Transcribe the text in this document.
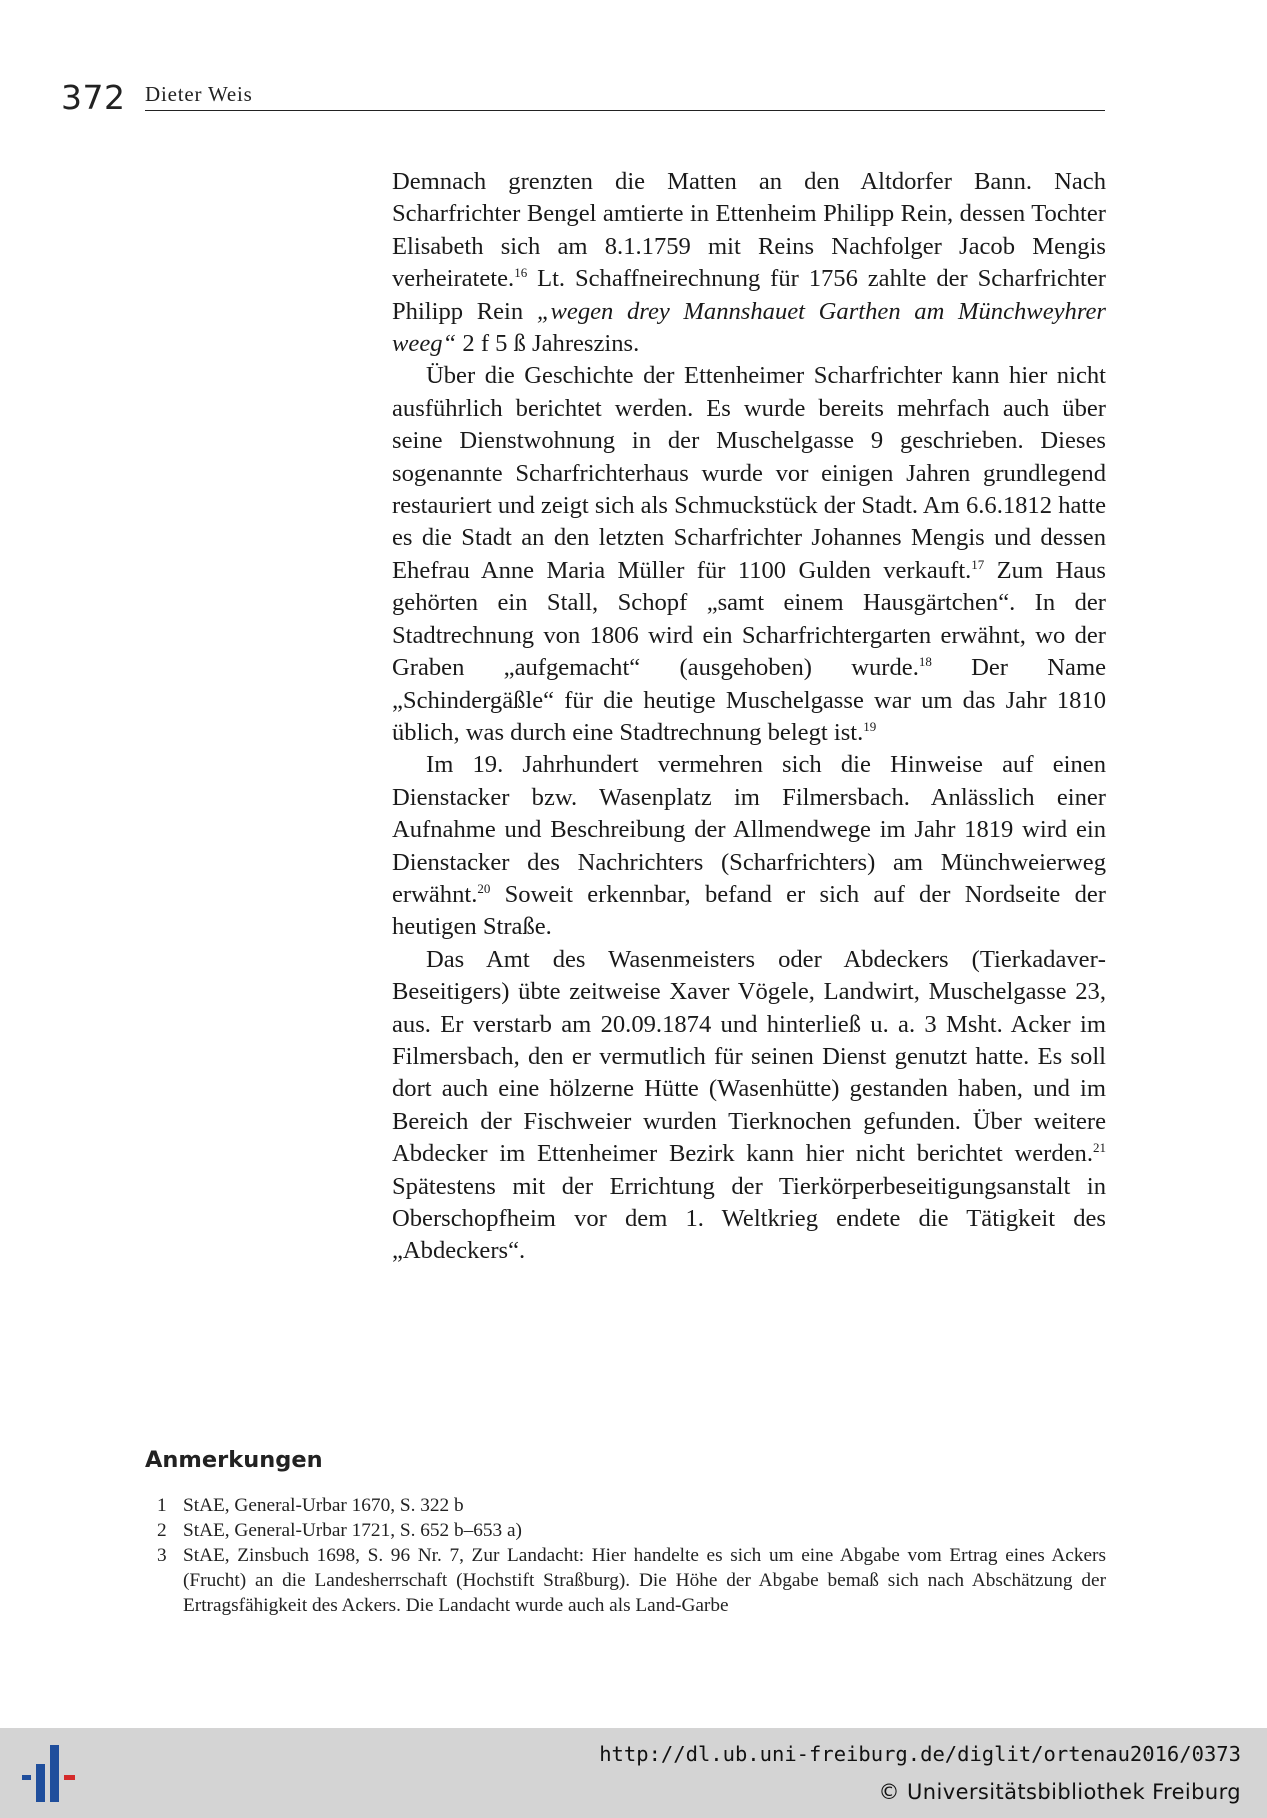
372 Dieter Weis

Demnach grenzten die Matten an den Altdorfer Bann. Nach Scharfrichter Bengel amtierte in Ettenheim Philipp Rein, dessen Tochter Elisabeth sich am 8.1.1759 mit Reins Nachfolger Jacob Mengis verheiratete.$^{16}$ Lt. Schaffneirechnung für 1756 zahlte der Scharfrichter Philipp Rein „wegen drey Mannshauet Garthen am Münchweyhrer weeg“ 2 f 5 ß Jahreszins.

Über die Geschichte der Ettenheimer Scharfrichter kann hier nicht ausführlich berichtet werden. Es wurde bereits mehrfach auch über seine Dienstwohnung in der Muschelgasse 9 geschrieben. Dieses sogenannte Scharfrichterhaus wurde vor einigen Jahren grundlegend restauriert und zeigt sich als Schmuckstück der Stadt. Am 6.6.1812 hatte es die Stadt an den letzten Scharfrichter Johannes Mengis und dessen Ehefrau Anne Maria Müller für 1100 Gulden verkauft.$^{17}$ Zum Haus gehörten ein Stall, Schopf „samt einem Hausgärtchen“. In der Stadtrechnung von 1806 wird ein Scharfrichtergarten erwähnt, wo der Graben „aufgemacht“ (ausgehoben) wurde.$^{18}$ Der Name „Schindergäßle“ für die heutige Muschelgasse war um das Jahr 1810 üblich, was durch eine Stadtrechnung belegt ist.$^{19}$

Im 19. Jahrhundert vermehren sich die Hinweise auf einen Dienstacker bzw. Wasenplatz im Filmersbach. Anlässlich einer Aufnahme und Beschreibung der Allmendwege im Jahr 1819 wird ein Dienstacker des Nachrichters (Scharfrichters) am Münchweierweg erwähnt.$^{20}$ Soweit erkennbar, befand er sich auf der Nordseite der heutigen Straße.

Das Amt des Wasenmeisters oder Abdeckers (TierkadaverBeseitigers) übte zeitweise Xaver Vögele, Landwirt, Muschelgasse 23, aus. Er verstarb am 20.09.1874 und hinterließ u. a. 3 Msht. Acker im Filmersbach, den er vermutlich für seinen Dienst genutzt hatte. Es soll dort auch eine hölzerne Hütte (Wasenhütte) gestanden haben, und im Bereich der Fischweier wurden Tierknochen gefunden. Über weitere Abdecker im Ettenheimer Bezirk kann hier nicht berichtet werden.$^{21}$ Spätestens mit der Errichtung der Tierkörperbeseitigungsanstalt in Oberschopfheim vor dem 1. Weltkrieg endete die Tätigkeit des „Abdeckers“.

Anmerkungen
1 StAE, General-Urbar 1670, S. 322 b
2 StAE, General-Urbar 1721, S. 652 b–653 a)
3 StAE, Zinsbuch 1698, S. 96 Nr. 7, Zur Landacht: Hier handelte es sich um eine Abgabe vom Ertrag eines Ackers (Frucht) an die Landesherrschaft (Hochstift Straßburg). Die Höhe der Abgabe bemaß sich nach Abschätzung der Ertragsfähigkeit des Ackers. Die Landacht wurde auch als Land-Garbe
http://dl.ub.uni-freiburg.de/diglit/ortenau2016/0373
© Universitätsbibliothek Freiburg
